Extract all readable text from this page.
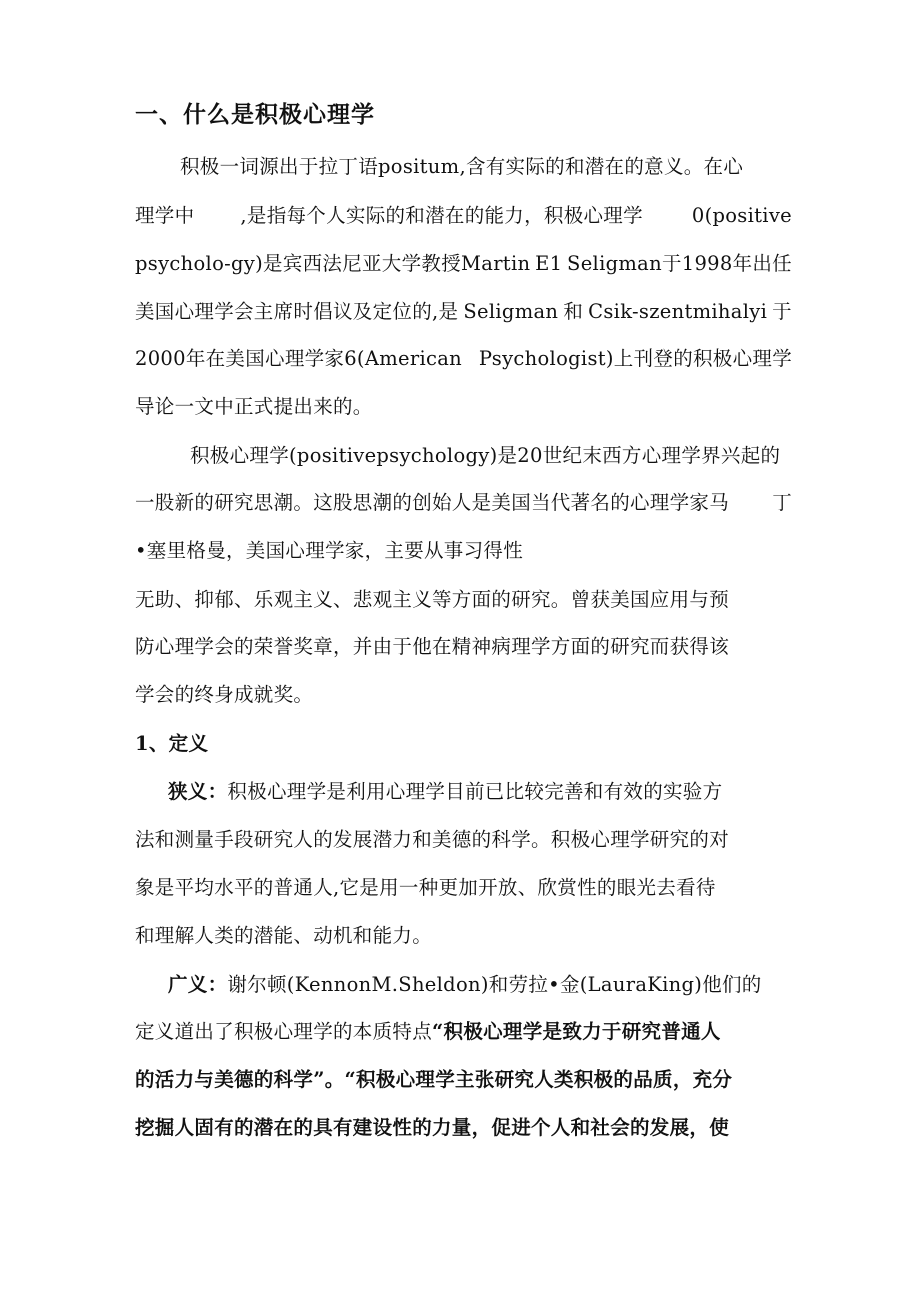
一、什么是积极心理学
积极一词源出于拉丁语positum,含有实际的和潜在的意义。在心
理学中 ,是指每个人实际的和潜在的能力，积极心理学	0(positive
psycholo-gy)是宾西法尼亚大学教授Martin E1 Seligman于1998年出任
美国心理学会主席时倡议及定位的,是 Seligman 和 Csik-szentmihalyi 于
2000年在美国心理学家6(American Psychologist)上刊登的积极心理学
导论一文中正式提出来的。
积极心理学(positivepsychology)是20世纪末西方心理学界兴起的
一股新的研究思潮。这股思潮的创始人是美国当代著名的心理学家马 丁
•塞里格曼，美国心理学家，主要从事习得性
无助、抑郁、乐观主义、悲观主义等方面的研究。曾获美国应用与预
防心理学会的荣誉奖章，并由于他在精神病理学方面的研究而获得该
学会的终身成就奖。
1、定义
狭义：积极心理学是利用心理学目前已比较完善和有效的实验方
法和测量手段研究人的发展潜力和美德的科学。积极心理学研究的对
象是平均水平的普通人,它是用一种更加开放、欣赏性的眼光去看待
和理解人类的潜能、动机和能力。
广义：谢尔顿(KennonM.Sheldon)和劳拉•金(LauraKing)他们的
定义道出了积极心理学的本质特点“积极心理学是致力于研究普通人
的活力与美德的科学”。“积极心理学主张研究人类积极的品质，充分
挖掘人固有的潜在的具有建设性的力量，促进个人和社会的发展，使
